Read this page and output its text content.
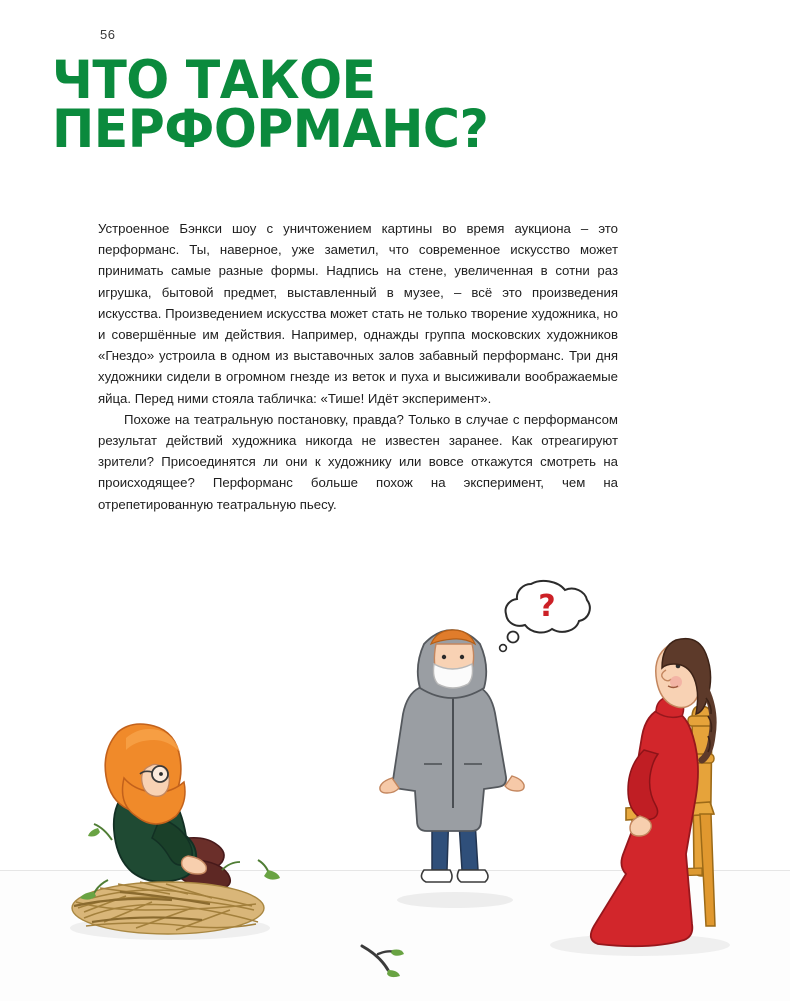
56
ЧТО ТАКОЕ
ПЕРФОРМАНС?

Устроенное Бэнкси шоу с уничтожением картины во время аукциона – это перформанс. Ты, наверное, уже заметил, что современное искусство может принимать самые разные формы. Надпись на стене, увеличенная в сотни раз игрушка, бытовой предмет, выставленный в музее, – всё это произведения искусства. Произведением искусства может стать не только творение художника, но и совершённые им действия. Например, однажды группа московских художников «Гнездо» устроила в одном из выставочных залов забавный перформанс. Три дня художники сидели в огромном гнезде из веток и пуха и высиживали воображаемые яйца. Перед ними стояла табличка: «Тише! Идёт эксперимент».

Похоже на театральную постановку, правда? Только в случае с перформансом результат действий художника никогда не известен заранее. Как отреагируют зрители? Присоединятся ли они к художнику или вовсе откажутся смотреть на происходящее? Перформанс больше похож на эксперимент, чем на отрепетированную театральную пьесу.

?
